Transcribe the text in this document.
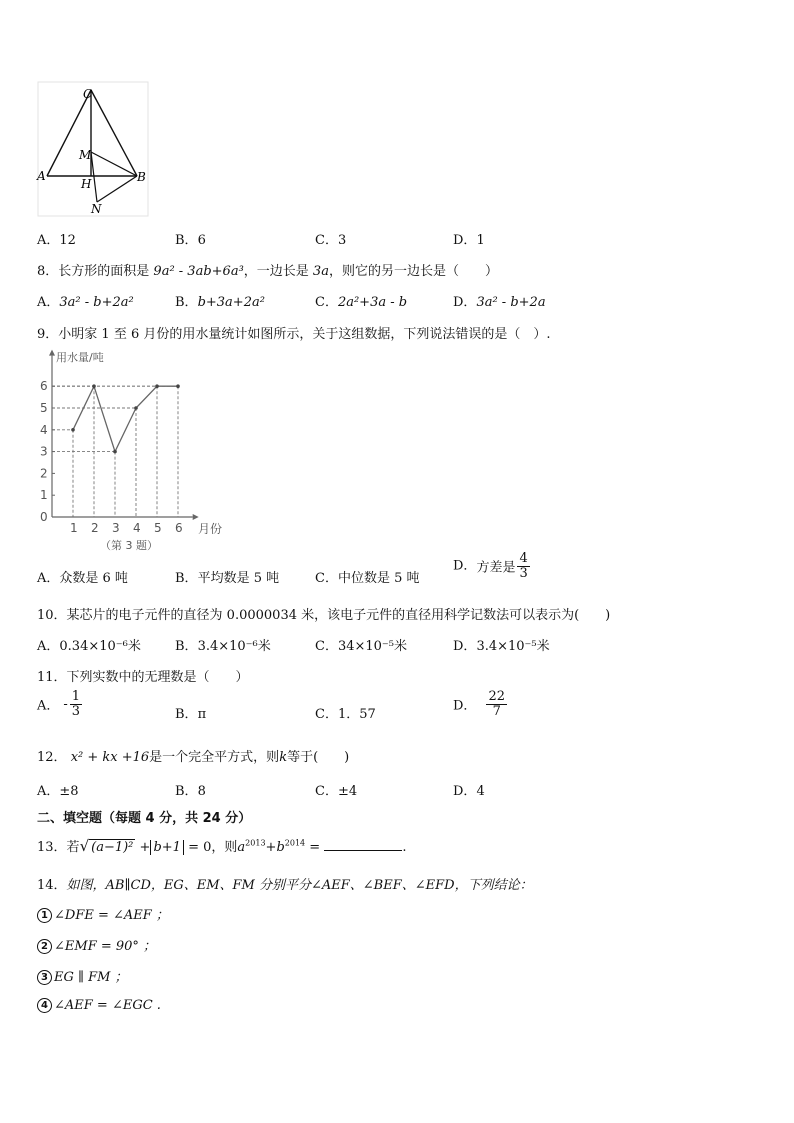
C
M
A
H	B
N
A．12	B．6	C．3	D．1
8．长方形的面积是 9a² - 3ab+6a³，一边长是 3a，则它的另一边长是（　　）
A．3a² - b+2a²	B．b+3a+2a²	C．2a²+3a - b	D．3a² - b+2a
9．小明家 1 至 6 月份的用水量统计如图所示，关于这组数据，下列说法错误的是（　）.
1 2 3 4 5 6
1
2
3
4
5
6
0
用水量/吨
月份
（第 3 题）
A．众数是 6 吨	B．平均数是 5 吨	C．中位数是 5 吨
D．方差是 $\frac{4}{3}$
10．某芯片的电子元件的直径为 0.0000034 米，该电子元件的直径用科学记数法可以表示为(　　)
A．0.34×10⁻⁶米	B．3.4×10⁻⁶米	C．34×10⁻⁵米	D．3.4×10⁻⁵米
11．下列实数中的无理数是（　　）
A． - $\frac{1}{3}$	B．π	C．1．57
D． $\frac{22}{7}$
12． x² + kx +16是一个完全平方式，则k等于(　　)
A．±8	B．8	C．±4	D．4
二、填空题（每题 4 分，共 24 分）
13．若√ (a−1)² + b+1 = 0，则$a^{2013}+b^{2014}$ =	.
14．如图，AB∥CD，EG、EM、FM 分别平分∠AEF、∠BEF、∠EFD，下列结论：
1 ∠DFE = ∠AEF ；
2 ∠EMF = 90° ；
3 EG ∥ FM ；
4 ∠AEF = ∠EGC .
